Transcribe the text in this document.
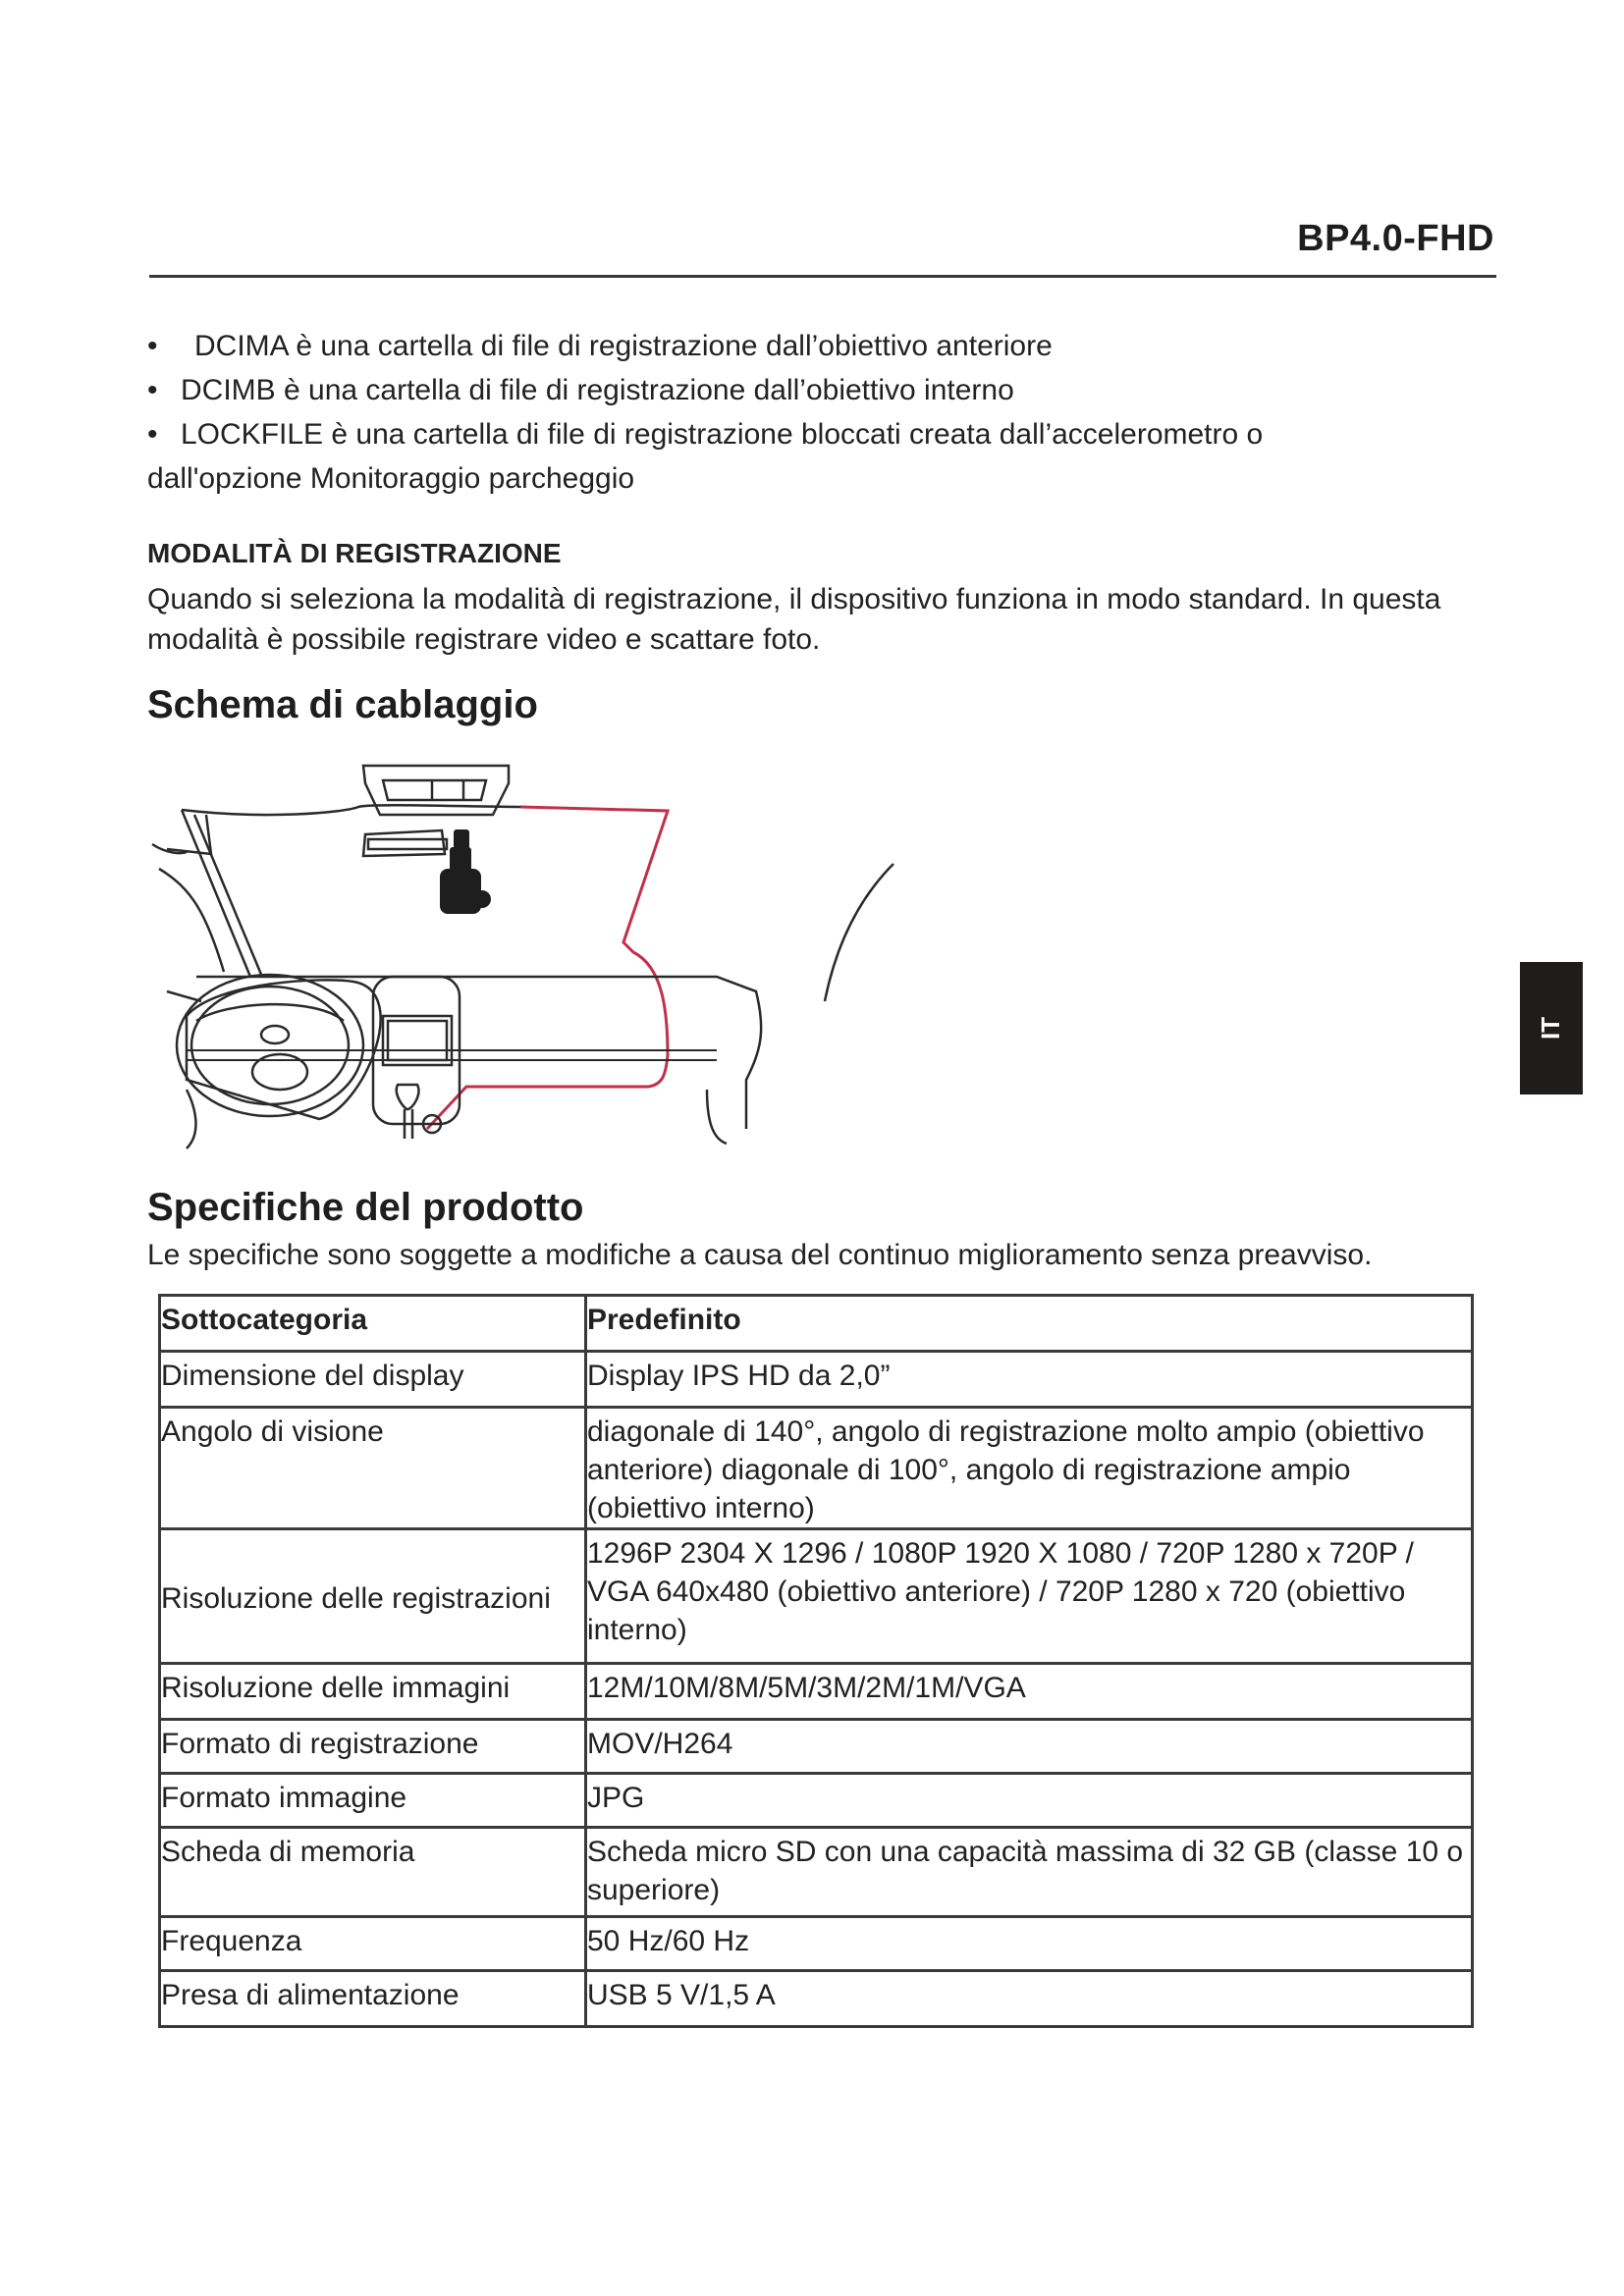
BP4.0-FHD
• DCIMA è una cartella di file di registrazione dall’obiettivo anteriore
• DCIMB è una cartella di file di registrazione dall’obiettivo interno
• LOCKFILE è una cartella di file di registrazione bloccati creata dall’accelerometro o
dall'opzione Monitoraggio parcheggio
MODALITÀ DI REGISTRAZIONE
Quando si seleziona la modalità di registrazione, il dispositivo funziona in modo standard. In questa modalità è possibile registrare video e scattare foto.
Schema di cablaggio
Specifiche del prodotto
Le specifiche sono soggette a modifiche a causa del continuo miglioramento senza preavviso.
Sottocategoria	Predefinito
Dimensione del display	Display IPS HD da 2,0”
Angolo di visione	diagonale di 140°, angolo di registrazione molto ampio (obiettivo anteriore) diagonale di 100°, angolo di registrazione ampio (obiettivo interno)
Risoluzione delle registrazioni	1296P 2304 X 1296 / 1080P 1920 X 1080 / 720P 1280 x 720P / VGA 640x480 (obiettivo anteriore) / 720P 1280 x 720 (obiettivo interno)
Risoluzione delle immagini	12M/10M/8M/5M/3M/2M/1M/VGA
Formato di registrazione	MOV/H264
Formato immagine	JPG
Scheda di memoria	Scheda micro SD con una capacità massima di 32 GB (classe 10 o superiore)
Frequenza	50 Hz/60 Hz
Presa di alimentazione	USB 5 V/1,5 A
IT
